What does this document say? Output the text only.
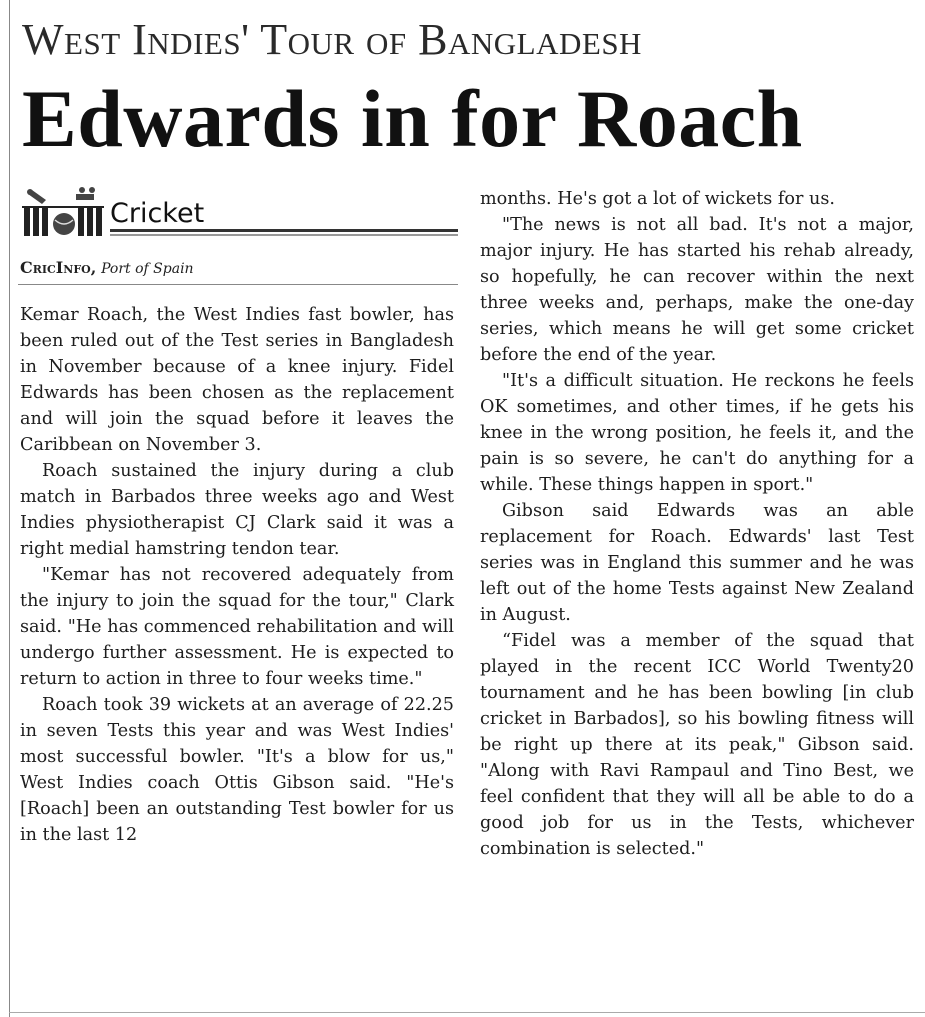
West Indies' Tour of Bangladesh
Edwards in for Roach
Cricket
CricInfo, Port of Spain

Kemar Roach, the West Indies fast bowler, has been ruled out of the Test series in Bangladesh in November because of a knee injury. Fidel Edwards has been chosen as the replacement and will join the squad before it leaves the Caribbean on November 3.

Roach sustained the injury during a club match in Barbados three weeks ago and West Indies physiotherapist CJ Clark said it was a right medial hamstring tendon tear.

"Kemar has not recovered adequately from the injury to join the squad for the tour," Clark said. "He has commenced rehabilitation and will undergo further assessment. He is expected to return to action in three to four weeks time."

Roach took 39 wickets at an average of 22.25 in seven Tests this year and was West Indies' most successful bowler. "It's a blow for us," West Indies coach Ottis Gibson said. "He's [Roach] been an outstanding Test bowler for us in the last 12

months. He's got a lot of wickets for us.

"The news is not all bad. It's not a major, major injury. He has started his rehab already, so hopefully, he can recover within the next three weeks and, perhaps, make the one-day series, which means he will get some cricket before the end of the year.

"It's a difficult situation. He reckons he feels OK sometimes, and other times, if he gets his knee in the wrong position, he feels it, and the pain is so severe, he can't do anything for a while. These things happen in sport."

Gibson said Edwards was an able replacement for Roach. Edwards' last Test series was in England this summer and he was left out of the home Tests against New Zealand in August.

“Fidel was a member of the squad that played in the recent ICC World Twenty20 tournament and he has been bowling [in club cricket in Barbados], so his bowling fitness will be right up there at its peak," Gibson said. "Along with Ravi Rampaul and Tino Best, we feel confident that they will all be able to do a good job for us in the Tests, whichever combination is selected."
